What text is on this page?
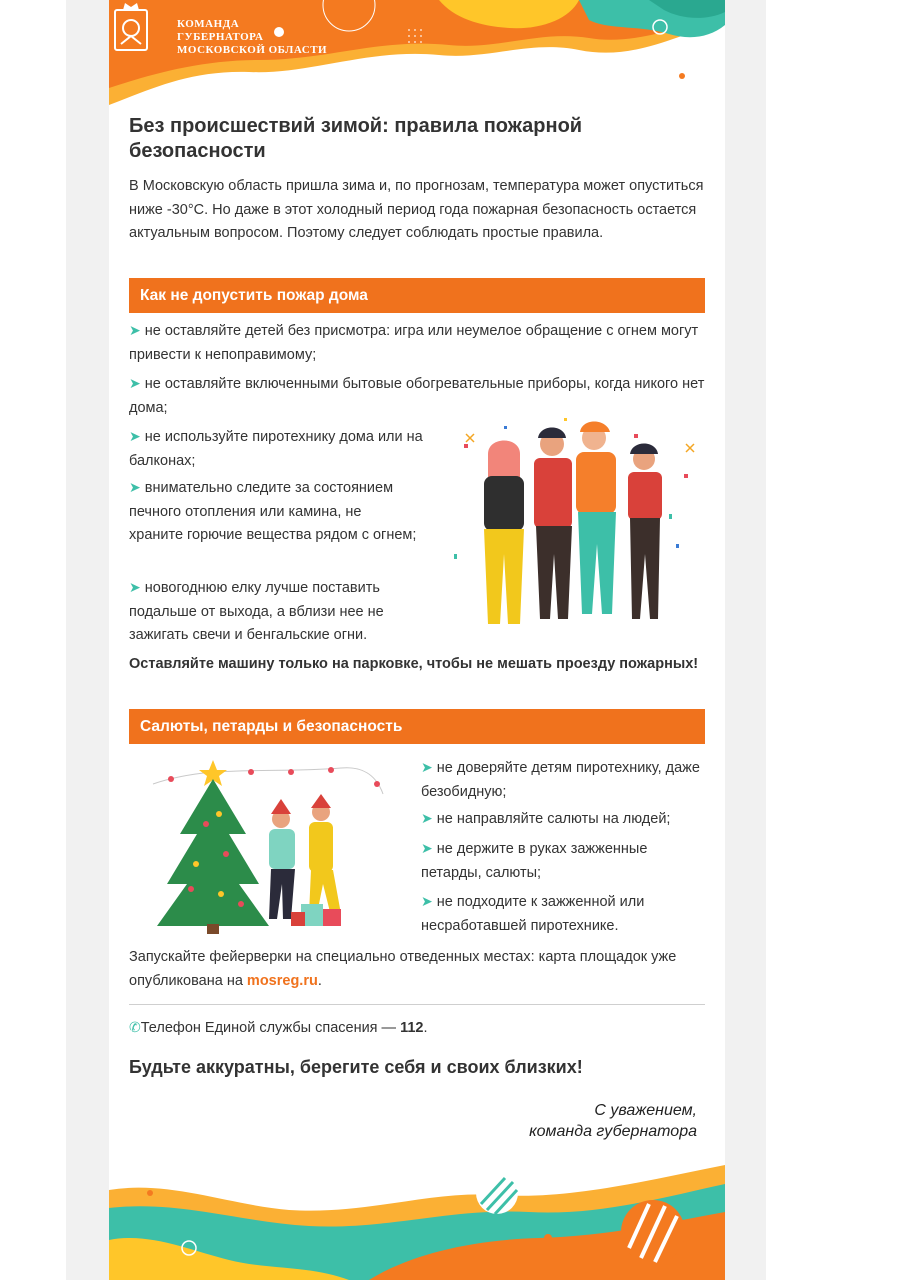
КОМАНДА
ГУБЕРНАТОРА
МОСКОВСКОЙ ОБЛАСТИ
Без происшествий зимой: правила пожарной безопасности

В Московскую область пришла зима и, по прогнозам, температура может опуститься ниже -30°С. Но даже в этот холодный период года пожарная безопасность остается актуальным вопросом. Поэтому следует соблюдать простые правила.

Как не допустить пожар дома
➤ не оставляйте детей без присмотра: игра или неумелое обращение с огнем могут привести к непоправимому;
➤ не оставляйте включенными бытовые обогревательные приборы, когда никого нет дома;
➤ не используйте пиротехнику дома или на балконах;
➤ внимательно следите за состоянием печного отопления или камина, не храните горючие вещества рядом с огнем;
➤ новогоднюю елку лучше поставить подальше от выхода, а вблизи нее не зажигать свечи и бенгальские огни.
Оставляйте машину только на парковке, чтобы не мешать проезду пожарных!
Салюты, петарды и безопасность
➤ не доверяйте детям пиротехнику, даже безобидную;
➤ не направляйте салюты на людей;
➤ не держите в руках зажженные петарды, салюты;
➤ не подходите к зажженной или несработавшей пиротехнике.
Запускайте фейерверки на специально отведенных местах: карта площадок уже опубликована на mosreg.ru.
✆Телефон Единой службы спасения — 112.
Будьте аккуратны, берегите себя и своих близких!
С уважением,
команда губернатора
